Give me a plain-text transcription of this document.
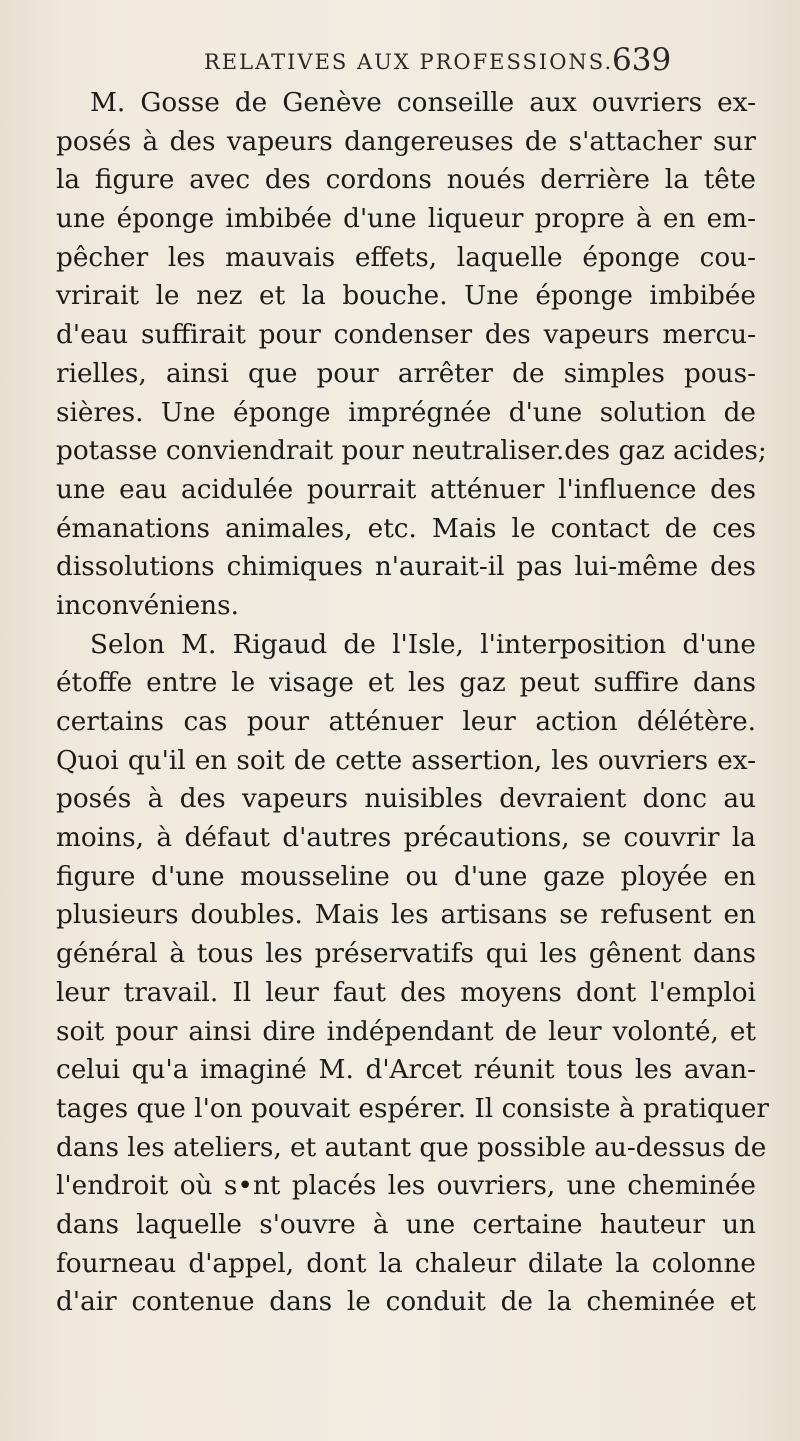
RELATIVES AUX PROFESSIONS.
639
M. Gosse de Genève conseille aux ouvriers ex-
posés à des vapeurs dangereuses de s'attacher sur
la figure avec des cordons noués derrière la tête
une éponge imbibée d'une liqueur propre à en em-
pêcher les mauvais effets, laquelle éponge cou-
vrirait le nez et la bouche. Une éponge imbibée
d'eau suffirait pour condenser des vapeurs mercu-
rielles, ainsi que pour arrêter de simples pous-
sières. Une éponge imprégnée d'une solution de
potasse conviendrait pour neutraliser.des gaz acides;
une eau acidulée pourrait atténuer l'influence des
émanations animales, etc. Mais le contact de ces
dissolutions chimiques n'aurait-il pas lui-même des
inconvéniens.
Selon M. Rigaud de l'Isle, l'interposition d'une
étoffe entre le visage et les gaz peut suffire dans
certains cas pour atténuer leur action délétère.
Quoi qu'il en soit de cette assertion, les ouvriers ex-
posés à des vapeurs nuisibles devraient donc au
moins, à défaut d'autres précautions, se couvrir la
figure d'une mousseline ou d'une gaze ployée en
plusieurs doubles. Mais les artisans se refusent en
général à tous les préservatifs qui les gênent dans
leur travail. Il leur faut des moyens dont l'emploi
soit pour ainsi dire indépendant de leur volonté, et
celui qu'a imaginé M. d'Arcet réunit tous les avan-
tages que l'on pouvait espérer. Il consiste à pratiquer
dans les ateliers, et autant que possible au-dessus de
l'endroit où s•nt placés les ouvriers, une cheminée
dans laquelle s'ouvre à une certaine hauteur un
fourneau d'appel, dont la chaleur dilate la colonne
d'air contenue dans le conduit de la cheminée et
